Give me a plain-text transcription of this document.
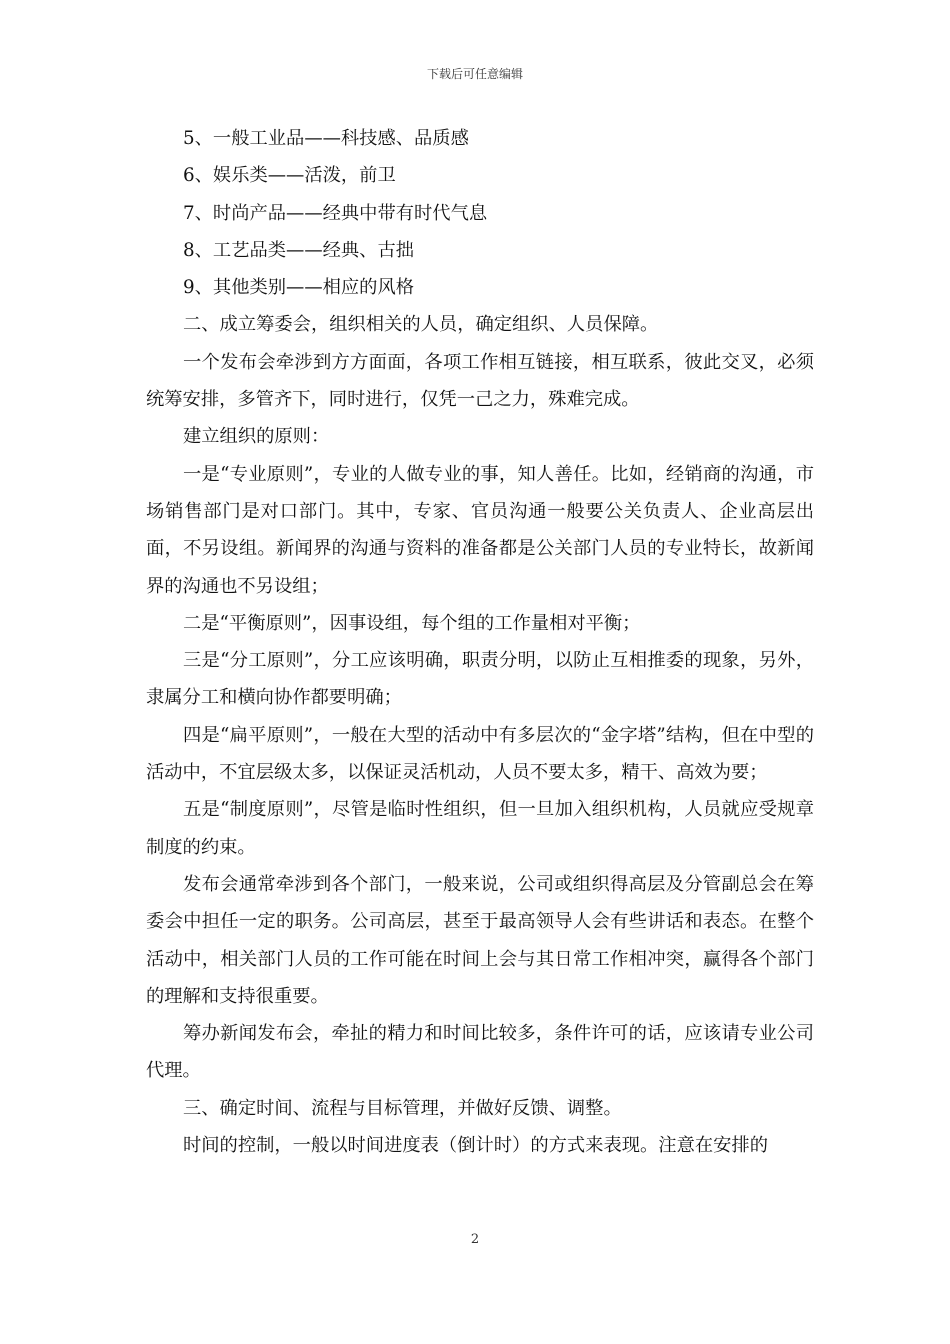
下载后可任意编辑

5、一般工业品——科技感、品质感

6、娱乐类——活泼，前卫

7、时尚产品——经典中带有时代气息

8、工艺品类——经典、古拙

9、其他类别——相应的风格

二、成立筹委会，组织相关的人员，确定组织、人员保障。

一个发布会牵涉到方方面面，各项工作相互链接，相互联系，彼此交叉，必须统筹安排，多管齐下，同时进行，仅凭一己之力，殊难完成。

建立组织的原则：

一是“专业原则”，专业的人做专业的事，知人善任。比如，经销商的沟通，市场销售部门是对口部门。其中，专家、官员沟通一般要公关负责人、企业高层出面，不另设组。新闻界的沟通与资料的准备都是公关部门人员的专业特长，故新闻界的沟通也不另设组；

二是“平衡原则”，因事设组，每个组的工作量相对平衡；

三是“分工原则”，分工应该明确，职责分明，以防止互相推委的现象，另外，隶属分工和横向协作都要明确；

四是“扁平原则”，一般在大型的活动中有多层次的“金字塔”结构，但在中型的活动中，不宜层级太多，以保证灵活机动，人员不要太多，精干、高效为要；

五是“制度原则”，尽管是临时性组织，但一旦加入组织机构，人员就应受规章制度的约束。

发布会通常牵涉到各个部门，一般来说，公司或组织得高层及分管副总会在筹委会中担任一定的职务。公司高层，甚至于最高领导人会有些讲话和表态。在整个活动中，相关部门人员的工作可能在时间上会与其日常工作相冲突，赢得各个部门的理解和支持很重要。

筹办新闻发布会，牵扯的精力和时间比较多，条件许可的话，应该请专业公司代理。

三、确定时间、流程与目标管理，并做好反馈、调整。

时间的控制，一般以时间进度表（倒计时）的方式来表现。注意在安排的

2
